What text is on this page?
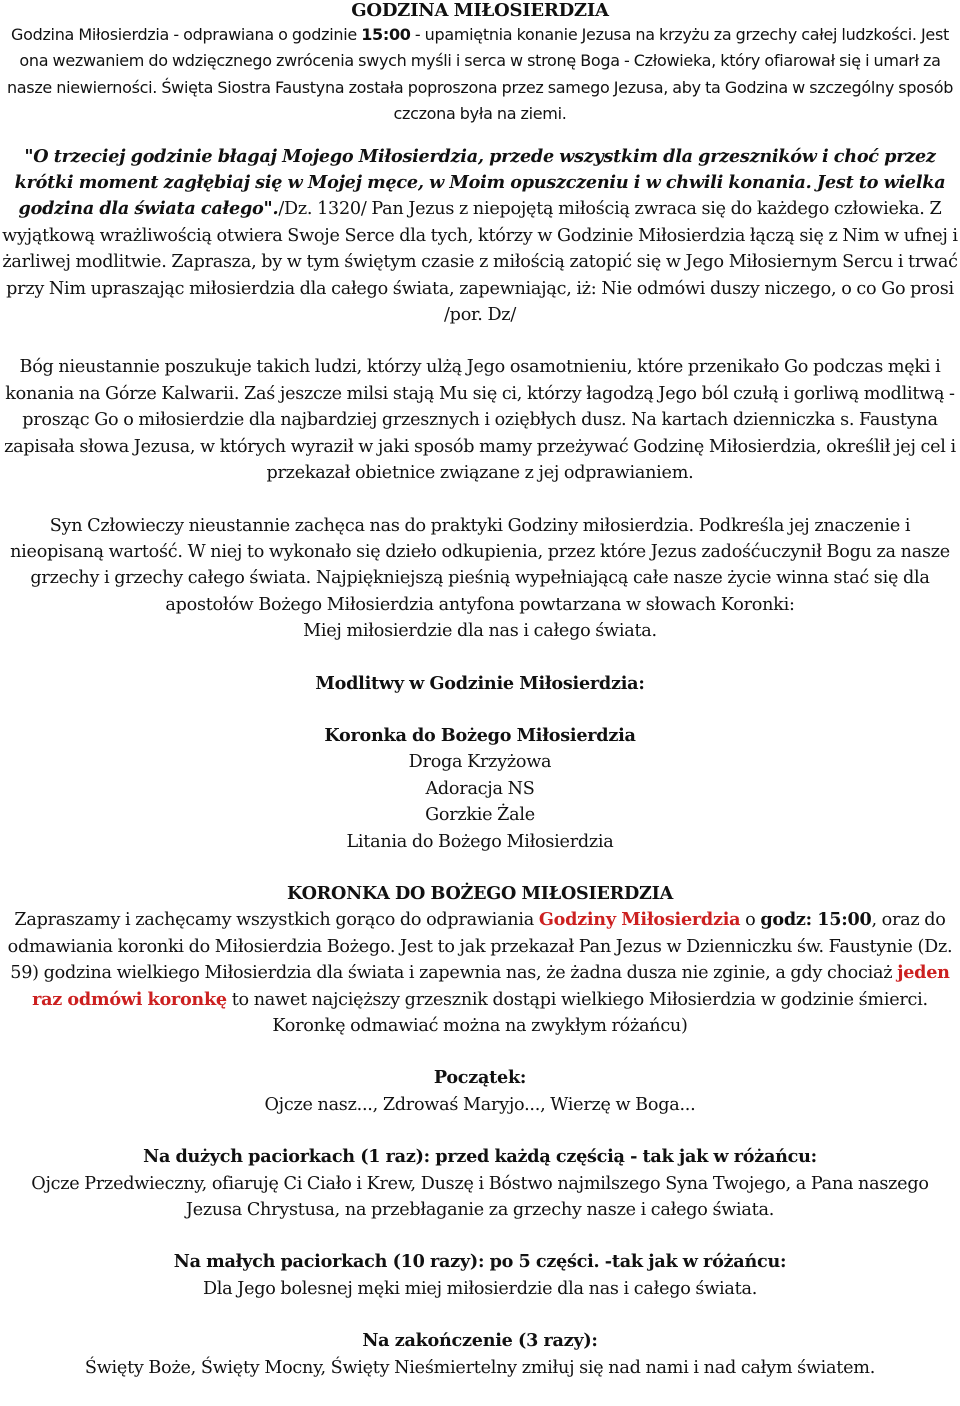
GODZINA MIŁOSIERDZIA

Godzina Miłosierdzia - odprawiana o godzinie 15:00 - upamiętnia konanie Jezusa na krzyżu za grzechy całej ludzkości. Jest ona wezwaniem do wdzięcznego zwrócenia swych myśli i serca w stronę Boga - Człowieka, który ofiarował się i umarł za nasze niewierności. Święta Siostra Faustyna została poproszona przez samego Jezusa, aby ta Godzina w szczególny sposób czczona była na ziemi.

"O trzeciej godzinie błagaj Mojego Miłosierdzia, przede wszystkim dla grzeszników i choć przez krótki moment zagłębiaj się w Mojej męce, w Moim opuszczeniu i w chwili konania. Jest to wielka godzina dla świata całego"./Dz. 1320/ Pan Jezus z niepojętą miłością zwraca się do każdego człowieka. Z wyjątkową wrażliwością otwiera Swoje Serce dla tych, którzy w Godzinie Miłosierdzia łączą się z Nim w ufnej i żarliwej modlitwie. Zaprasza, by w tym świętym czasie z miłością zatopić się w Jego Miłosiernym Sercu i trwać przy Nim upraszając miłosierdzia dla całego świata, zapewniając, iż: Nie odmówi duszy niczego, o co Go prosi /por. Dz/

Bóg nieustannie poszukuje takich ludzi, którzy ulżą Jego osamotnieniu, które przenikało Go podczas męki i konania na Górze Kalwarii. Zaś jeszcze milsi stają Mu się ci, którzy łagodzą Jego ból czułą i gorliwą modlitwą - prosząc Go o miłosierdzie dla najbardziej grzesznych i oziębłych dusz. Na kartach dzienniczka s. Faustyna zapisała słowa Jezusa, w których wyraził w jaki sposób mamy przeżywać Godzinę Miłosierdzia, określił jej cel i przekazał obietnice związane z jej odprawianiem.

Syn Człowieczy nieustannie zachęca nas do praktyki Godziny miłosierdzia. Podkreśla jej znaczenie i nieopisaną wartość. W niej to wykonało się dzieło odkupienia, przez które Jezus zadośćuczynił Bogu za nasze grzechy i grzechy całego świata. Najpiękniejszą pieśnią wypełniającą całe nasze życie winna stać się dla apostołów Bożego Miłosierdzia antyfona powtarzana w słowach Koronki:

Miej miłosierdzie dla nas i całego świata.

Modlitwy w Godzinie Miłosierdzia:

Koronka do Bożego Miłosierdzia

Droga Krzyżowa

Adoracja NS

Gorzkie Żale

Litania do Bożego Miłosierdzia

KORONKA DO BOŻEGO MIŁOSIERDZIA

Zapraszamy i zachęcamy wszystkich gorąco do odprawiania Godziny Miłosierdzia o godz: 15:00, oraz do odmawiania koronki do Miłosierdzia Bożego. Jest to jak przekazał Pan Jezus w Dzienniczku św. Faustynie (Dz. 59) godzina wielkiego Miłosierdzia dla świata i zapewnia nas, że żadna dusza nie zginie, a gdy chociaż jeden raz odmówi koronkę to nawet najcięższy grzesznik dostąpi wielkiego Miłosierdzia w godzinie śmierci. Koronkę odmawiać można na zwykłym różańcu)

Początek:

Ojcze nasz..., Zdrowaś Maryjo..., Wierzę w Boga...

Na dużych paciorkach (1 raz): przed każdą częścią - tak jak w różańcu:

Ojcze Przedwieczny, ofiaruję Ci Ciało i Krew, Duszę i Bóstwo najmilszego Syna Twojego, a Pana naszego Jezusa Chrystusa, na przebłaganie za grzechy nasze i całego świata.

Na małych paciorkach (10 razy): po 5 części. -tak jak w różańcu:

Dla Jego bolesnej męki miej miłosierdzie dla nas i całego świata.

Na zakończenie (3 razy):

Święty Boże, Święty Mocny, Święty Nieśmiertelny zmiłuj się nad nami i nad całym światem.
